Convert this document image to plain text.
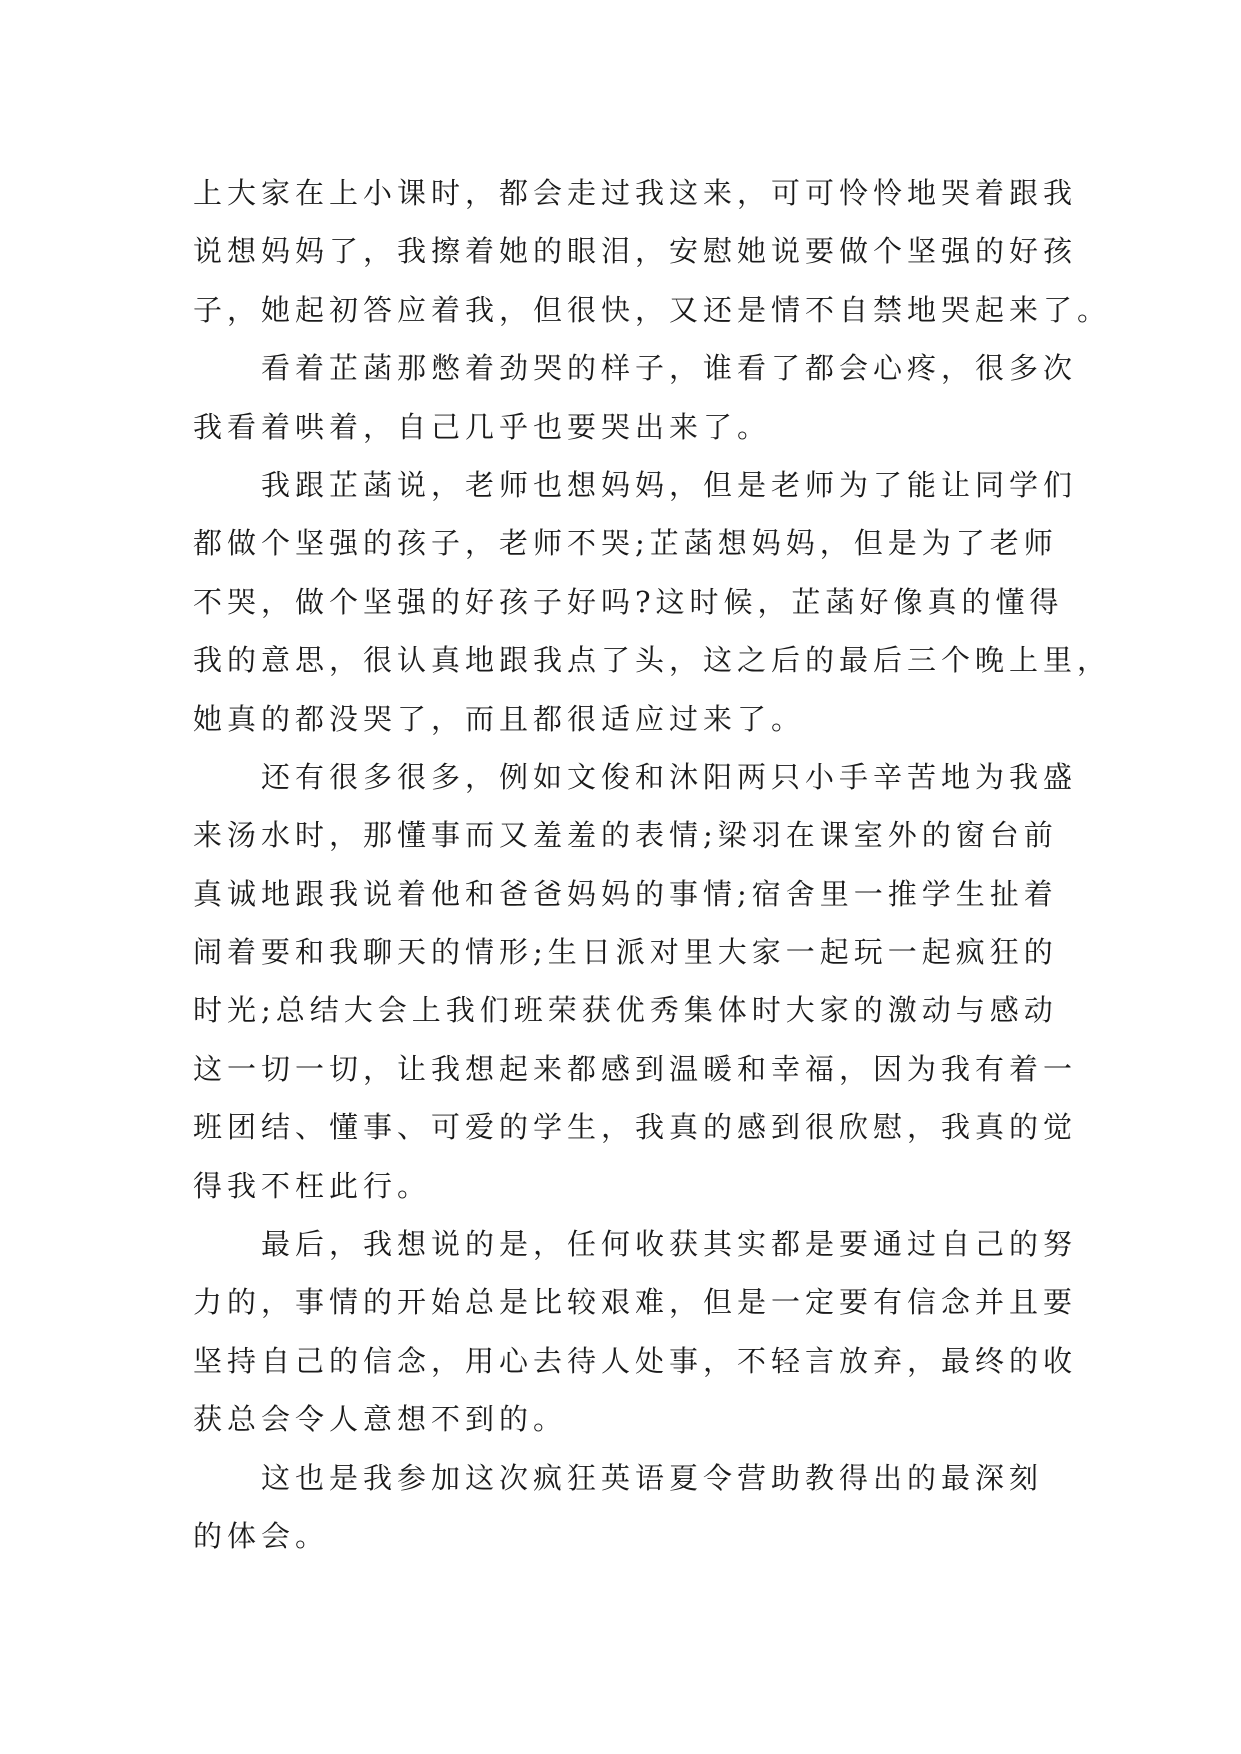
上大家在上小课时，都会走过我这来，可可怜怜地哭着跟我
说想妈妈了，我擦着她的眼泪，安慰她说要做个坚强的好孩
子，她起初答应着我，但很快，又还是情不自禁地哭起来了。
　　看着芷菡那憋着劲哭的样子，谁看了都会心疼，很多次
我看着哄着，自己几乎也要哭出来了。
　　我跟芷菡说，老师也想妈妈，但是老师为了能让同学们
都做个坚强的孩子，老师不哭;芷菡想妈妈，但是为了老师
不哭，做个坚强的好孩子好吗?这时候，芷菡好像真的懂得
我的意思，很认真地跟我点了头，这之后的最后三个晚上里，
她真的都没哭了，而且都很适应过来了。
　　还有很多很多，例如文俊和沐阳两只小手辛苦地为我盛
来汤水时，那懂事而又羞羞的表情;梁羽在课室外的窗台前
真诚地跟我说着他和爸爸妈妈的事情;宿舍里一推学生扯着
闹着要和我聊天的情形;生日派对里大家一起玩一起疯狂的
时光;总结大会上我们班荣获优秀集体时大家的激动与感动
这一切一切，让我想起来都感到温暖和幸福，因为我有着一
班团结、懂事、可爱的学生，我真的感到很欣慰，我真的觉
得我不枉此行。
　　最后，我想说的是，任何收获其实都是要通过自己的努
力的，事情的开始总是比较艰难，但是一定要有信念并且要
坚持自己的信念，用心去待人处事，不轻言放弃，最终的收
获总会令人意想不到的。
　　这也是我参加这次疯狂英语夏令营助教得出的最深刻
的体会。
